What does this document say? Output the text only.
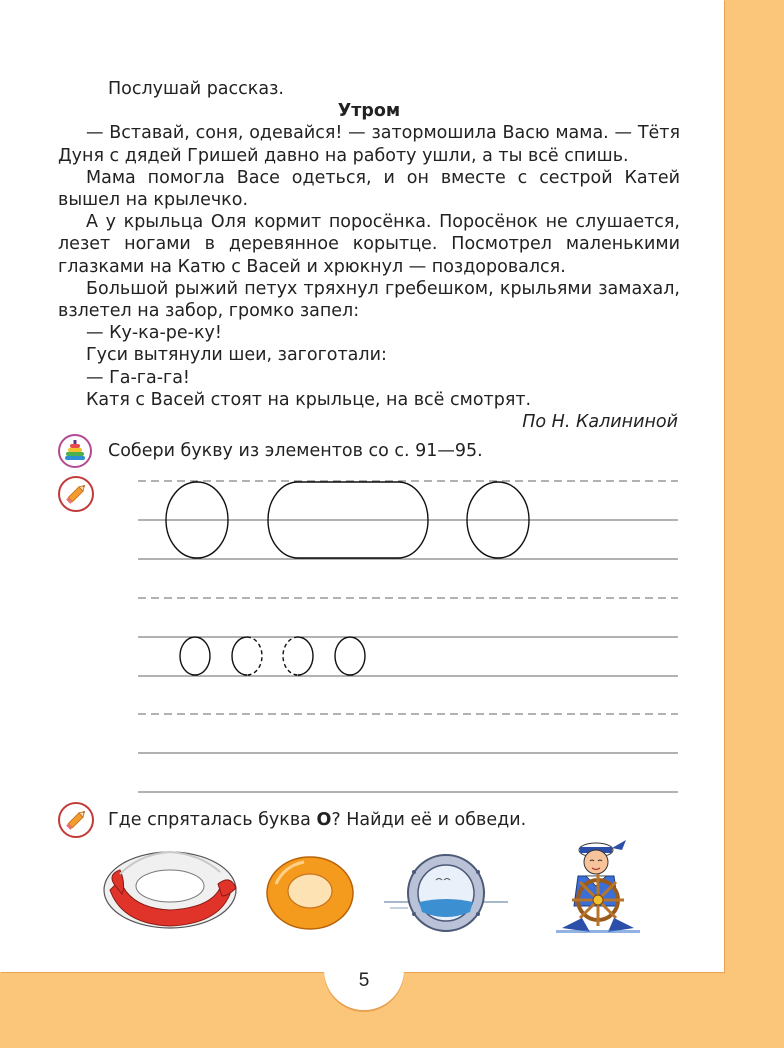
Послушай рассказ.

Утром

— Вставай, соня, одевайся! — затормошила Васю мама. — Тётя Дуня с дядей Гришей давно на работу ушли, а ты всё спишь.

Мама помогла Васе одеться, и он вместе с сестрой Катей вышел на крылечко.

А у крыльца Оля кормит поросёнка. Поросёнок не слушается, лезет ногами в деревянное корытце. Посмотрел маленькими глазками на Катю с Васей и хрюкнул — поздоровался.

Большой рыжий петух тряхнул гребешком, крыльями замахал, взлетел на забор, громко запел:

— Ку-ка-ре-ку!

Гуси вытянули шеи, загоготали:

— Га-га-га!

Катя с Васей стоят на крыльце, на всё смотрят.

По Н. Калининой

Собери букву из элементов со с. 91—95.
Где спряталась буква О? Найди её и обведи.
5
